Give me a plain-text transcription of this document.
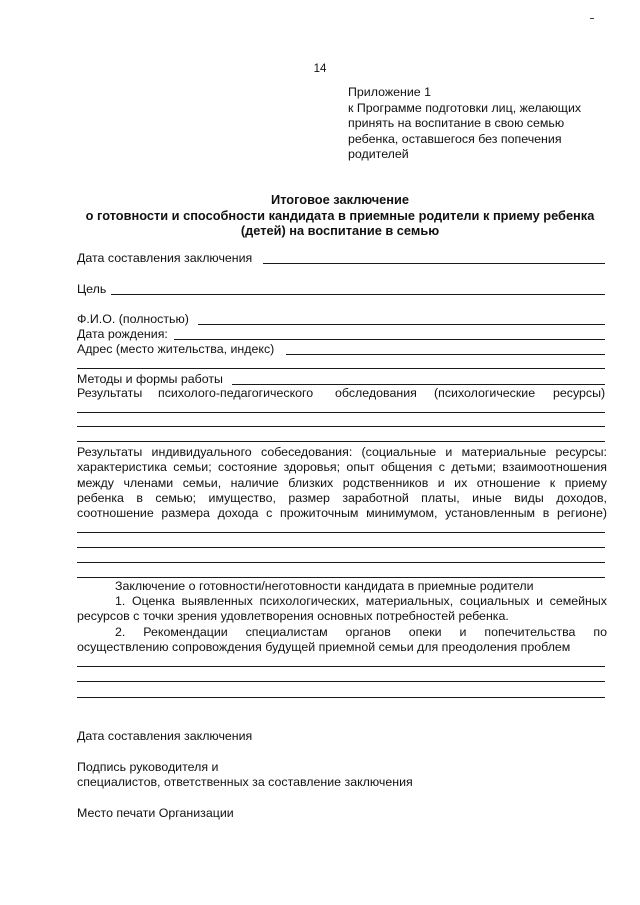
14
Приложение 1
к Программе подготовки лиц, желающих
принять на воспитание в свою семью
ребенка, оставшегося без попечения
родителей
Итоговое заключение
о готовности и способности кандидата в приемные родители к приему ребенка
(детей) на воспитание в семью
Дата составления заключения
Цель
Ф.И.О. (полностью)
Дата рождения:
Адрес (место жительства, индекс)
Методы и формы работы
Результаты психолого-педагогического обследования (психологические ресурсы)
Результаты индивидуального собеседования: (социальные и материальные ресурсы:
характеристика семьи; состояние здоровья; опыт общения с детьми; взаимоотношения
между членами семьи, наличие близких родственников и их отношение к приему
ребенка в семью; имущество, размер заработной платы, иные виды доходов,
соотношение размера дохода с прожиточным минимумом, установленным в регионе)
Заключение о готовности/неготовности кандидата в приемные родители
1. Оценка выявленных психологических, материальных, социальных и семейных
ресурсов с точки зрения удовлетворения основных потребностей ребенка.
2. Рекомендации специалистам органов опеки и попечительства по
осуществлению сопровождения будущей приемной семьи для преодоления проблем
Дата составления заключения
Подпись руководителя и
специалистов, ответственных за составление заключения
Место печати Организации
